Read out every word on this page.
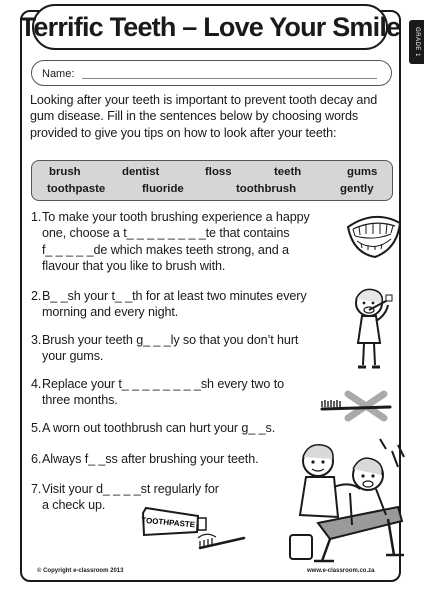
Terrific Teeth – Love Your Smile
GRADE 1
Name:
Looking after your teeth is important to prevent tooth decay and gum disease. Fill in the sentences below by choosing words provided to give you tips on how to look after your teeth:
brush	dentist	floss	teeth	gums
toothpaste	fluoride	toothbrush	gently
1. To make your tooth brushing experience a happy
one, choose a t_ _ _ _ _ _ _ _te that contains
f_ _ _ _ _de which makes teeth strong, and a
flavour that you like to brush with.
2. B_ _sh your t_ _th for at least two minutes every
morning and every night.
3. Brush your teeth g_ _ _ly so that you don’t hurt
your gums.
4. Replace your t_ _ _ _ _ _ _ _sh every two to
three months.
5. A worn out toothbrush can hurt your g_ _s.
6. Always f_ _ss after brushing your teeth.
7. Visit your d_ _ _ _st regularly for
a check up.
TOOTHPASTE
© Copyright e-classroom 2013	www.e-classroom.co.za
